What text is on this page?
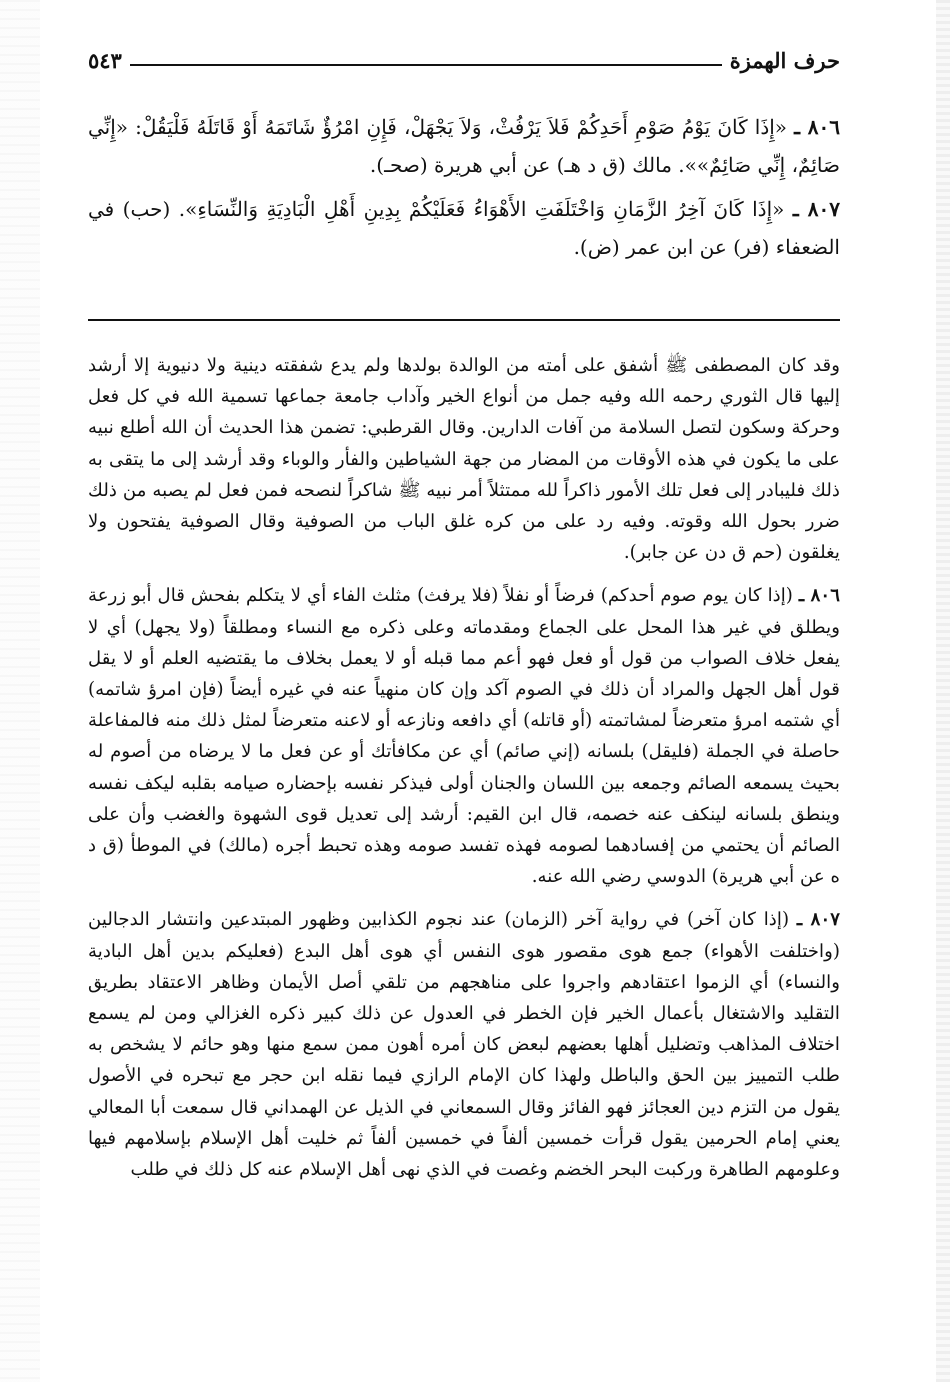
حرف الهمزة
٥٤٣

٨٠٦ ـ «إِذَا كَانَ يَوْمُ صَوْمِ أَحَدِكُمْ فَلاَ يَرْفُثْ، وَلاَ يَجْهَلْ، فَإِنِ امْرُؤٌ شَاتَمَهُ أَوْ قَاتَلَهُ فَلْيَقُلْ: «إِنِّي صَائِمٌ، إِنِّي صَائِمٌ»». مالك (ق د هـ) عن أبي هريرة (صحـ).

٨٠٧ ـ «إِذَا كَانَ آخِرُ الزَّمَانِ وَاخْتَلَفَتِ الأَهْوَاءُ فَعَلَيْكُمْ بِدِينِ أَهْلِ الْبَادِيَةِ وَالنِّسَاءِ». (حب) في الضعفاء (فر) عن ابن عمر (ض).

وقد كان المصطفى ﷺ أشفق على أمته من الوالدة بولدها ولم يدع شفقته دينية ولا دنيوية إلا أرشد إليها قال الثوري رحمه الله وفيه جمل من أنواع الخير وآداب جامعة جماعها تسمية الله في كل فعل وحركة وسكون لتصل السلامة من آفات الدارين. وقال القرطبي: تضمن هذا الحديث أن الله أطلع نبيه على ما يكون في هذه الأوقات من المضار من جهة الشياطين والفأر والوباء وقد أرشد إلى ما يتقى به ذلك فليبادر إلى فعل تلك الأمور ذاكراً لله ممتثلاً أمر نبيه ﷺ شاكراً لنصحه فمن فعل لم يصبه من ذلك ضرر بحول الله وقوته. وفيه رد على من كره غلق الباب من الصوفية وقال الصوفية يفتحون ولا يغلقون (حم ق دن عن جابر).

٨٠٦ ـ (إذا كان يوم صوم أحدكم) فرضاً أو نفلاً (فلا يرفث) مثلث الفاء أي لا يتكلم بفحش قال أبو زرعة ويطلق في غير هذا المحل على الجماع ومقدماته وعلى ذكره مع النساء ومطلقاً (ولا يجهل) أي لا يفعل خلاف الصواب من قول أو فعل فهو أعم مما قبله أو لا يعمل بخلاف ما يقتضيه العلم أو لا يقل قول أهل الجهل والمراد أن ذلك في الصوم آكد وإن كان منهياً عنه في غيره أيضاً (فإن امرؤ شاتمه) أي شتمه امرؤ متعرضاً لمشاتمته (أو قاتله) أي دافعه ونازعه أو لاعنه متعرضاً لمثل ذلك منه فالمفاعلة حاصلة في الجملة (فليقل) بلسانه (إني صائم) أي عن مكافأتك أو عن فعل ما لا يرضاه من أصوم له بحيث يسمعه الصائم وجمعه بين اللسان والجنان أولى فيذكر نفسه بإحضاره صيامه بقلبه ليكف نفسه وينطق بلسانه لينكف عنه خصمه، قال ابن القيم: أرشد إلى تعديل قوى الشهوة والغضب وأن على الصائم أن يحتمي من إفسادهما لصومه فهذه تفسد صومه وهذه تحبط أجره (مالك) في الموطأ (ق د ه عن أبي هريرة) الدوسي رضي الله عنه.

٨٠٧ ـ (إذا كان آخر) في رواية آخر (الزمان) عند نجوم الكذابين وظهور المبتدعين وانتشار الدجالين (واختلفت الأهواء) جمع هوى مقصور هوى النفس أي هوى أهل البدع (فعليكم بدين أهل البادية والنساء) أي الزموا اعتقادهم واجروا على مناهجهم من تلقي أصل الأيمان وظاهر الاعتقاد بطريق التقليد والاشتغال بأعمال الخير فإن الخطر في العدول عن ذلك كبير ذكره الغزالي ومن لم يسمع اختلاف المذاهب وتضليل أهلها بعضهم لبعض كان أمره أهون ممن سمع منها وهو حائم لا يشخص به طلب التمييز بين الحق والباطل ولهذا كان الإمام الرازي فيما نقله ابن حجر مع تبحره في الأصول يقول من التزم دين العجائز فهو الفائز وقال السمعاني في الذيل عن الهمداني قال سمعت أبا المعالي يعني إمام الحرمين يقول قرأت خمسين ألفاً في خمسين ألفاً ثم خليت أهل الإسلام بإسلامهم فيها وعلومهم الطاهرة وركبت البحر الخضم وغصت في الذي نهى أهل الإسلام عنه كل ذلك في طلب
